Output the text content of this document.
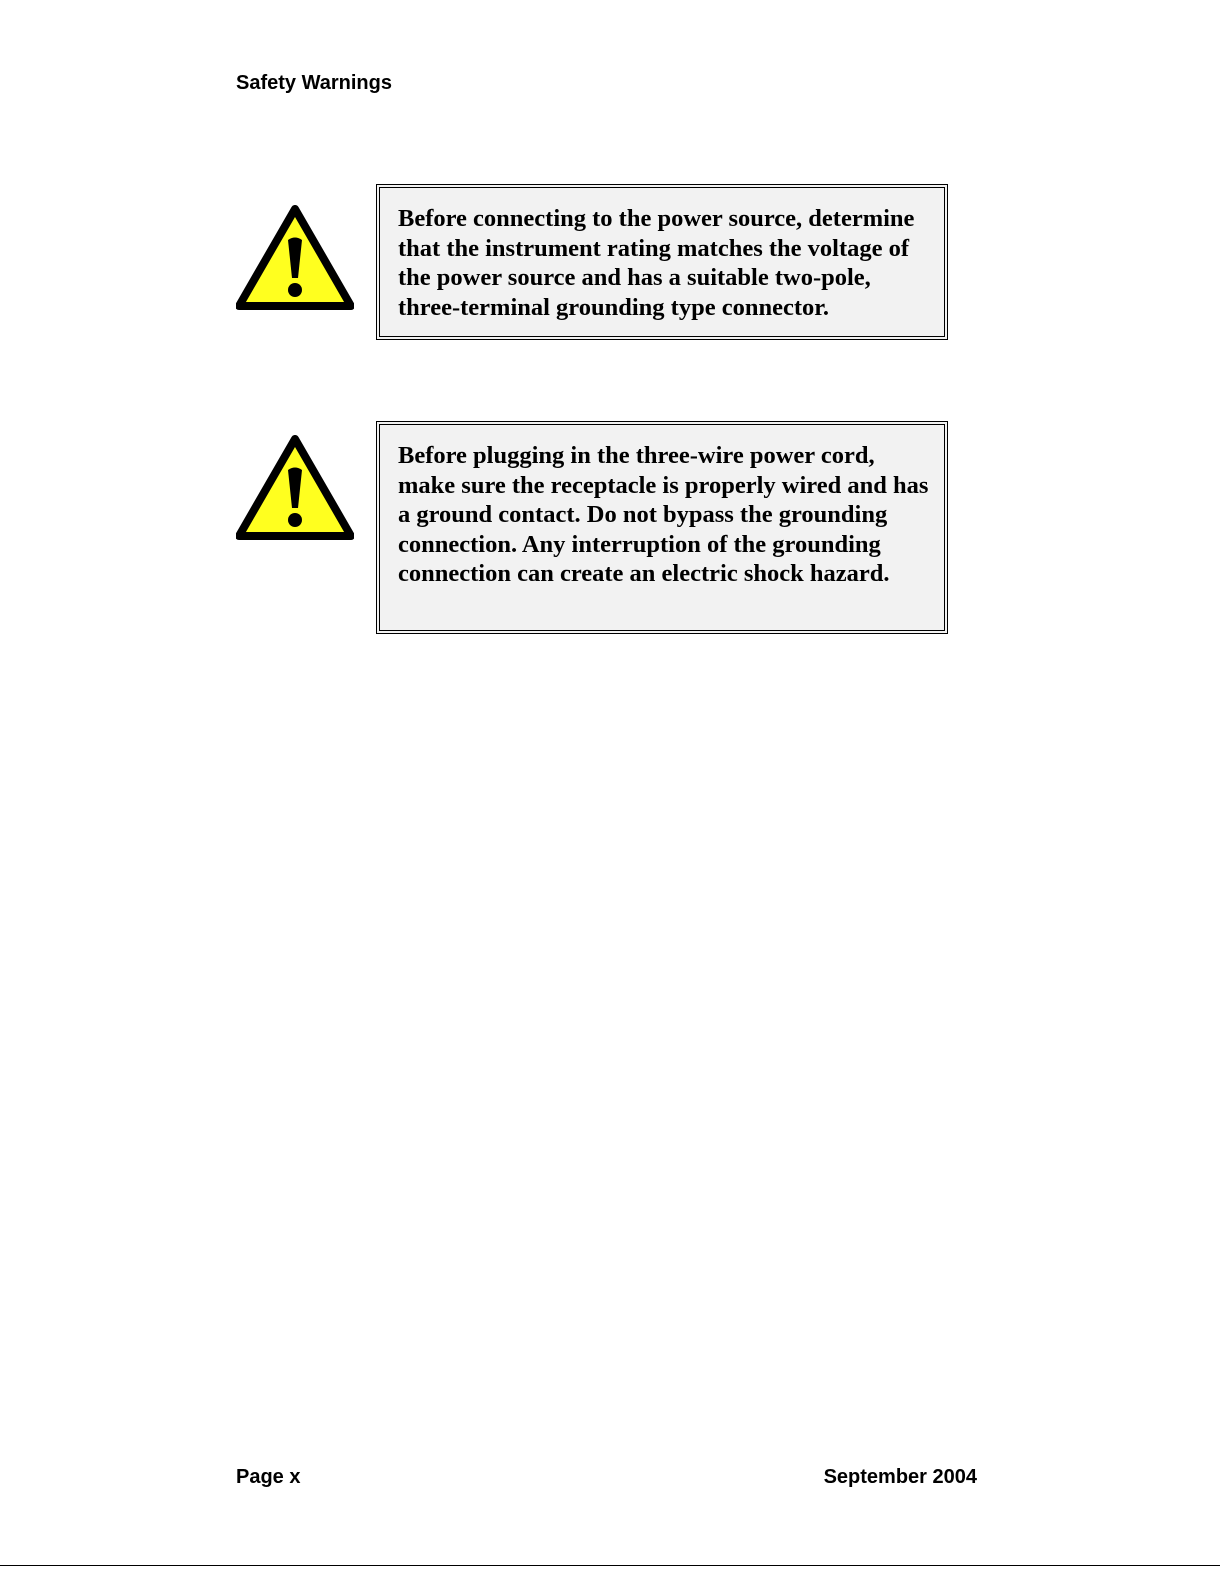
Safety Warnings

Before connecting to the power source, determine that the instrument rating matches the voltage of the power source and has a suitable two-pole, three-terminal grounding type connector.

Before plugging in the three-wire power cord, make sure the receptacle is properly wired and has a ground contact. Do not bypass the grounding connection. Any interruption of the grounding connection can create an electric shock hazard.

Page x	September 2004
